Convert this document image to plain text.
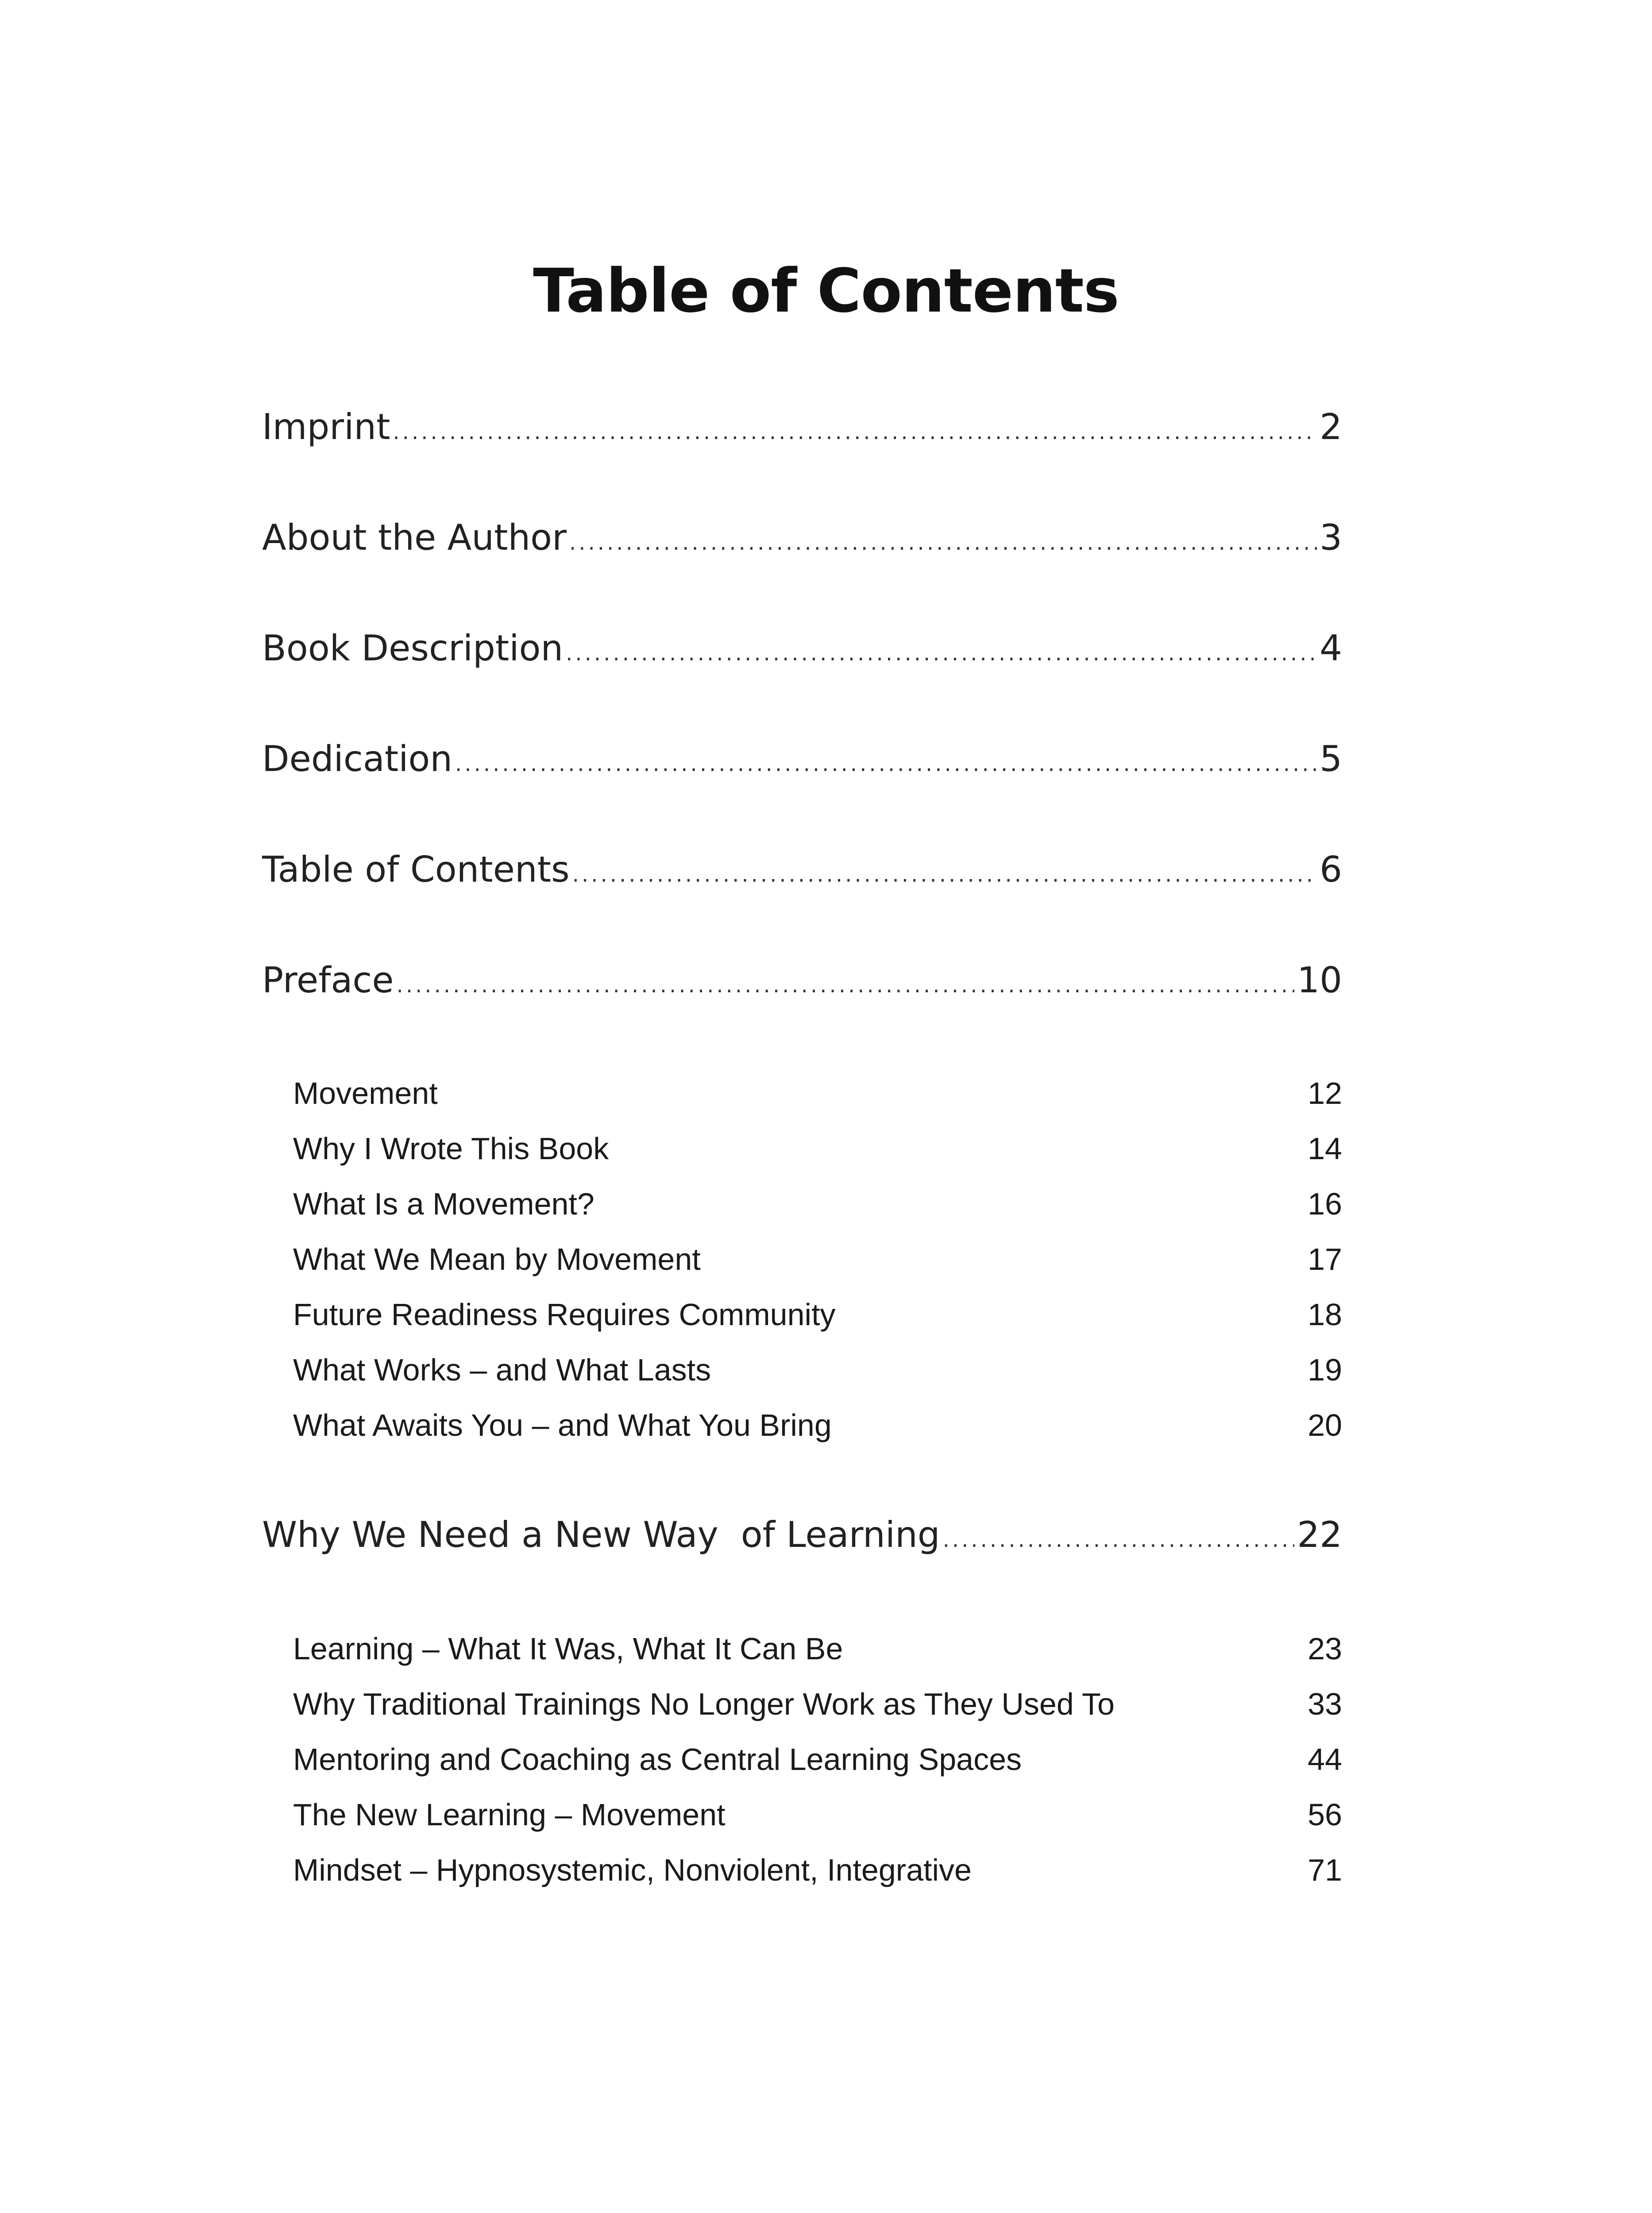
Table of Contents
Imprint .....	2
About the Author .....	3
Book Description .....	4
Dedication .....	5
Table of Contents .....	6
Preface .....	10
Movement	12
Why I Wrote This Book	14
What Is a Movement?	16
What We Mean by Movement	17
Future Readiness Requires Community	18
What Works – and What Lasts	19
What Awaits You – and What You Bring	20
Why We Need a New Way  of Learning .....	22
Learning – What It Was, What It Can Be	23
Why Traditional Trainings No Longer Work as They Used To	33
Mentoring and Coaching as Central Learning Spaces	44
The New Learning – Movement	56
Mindset – Hypnosystemic, Nonviolent, Integrative	71
